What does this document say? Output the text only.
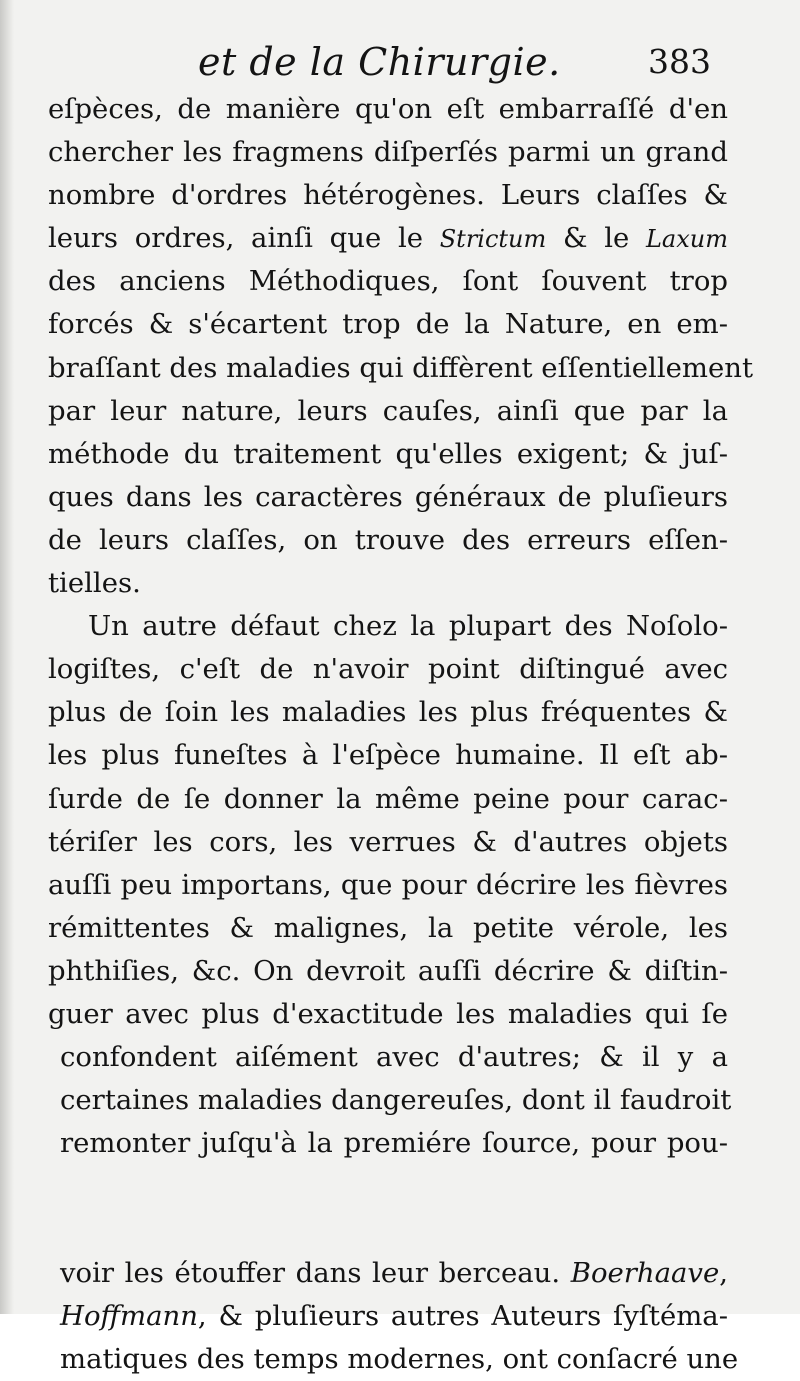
et de la Chirurgie.	383
eſpèces, de manière qu'on eſt embarraſſé d'en
chercher les fragmens diſperſés parmi un grand
nombre d'ordres hétérogènes. Leurs claſſes &
leurs ordres, ainſi que le Strictum & le Laxum
des anciens Méthodiques, ſont ſouvent trop
forcés & s'écartent trop de la Nature, en em-
braſſant des maladies qui diffèrent eſſentiellement
par leur nature, leurs cauſes, ainſi que par la
méthode du traitement qu'elles exigent; & juſ-
ques dans les caractères généraux de pluſieurs
de leurs claſſes, on trouve des erreurs eſſen-
tielles.
Un autre défaut chez la plupart des Noſolo-
logiſtes, c'eſt de n'avoir point diſtingué avec
plus de ſoin les maladies les plus fréquentes &
les plus funeſtes à l'eſpèce humaine. Il eſt ab-
ſurde de ſe donner la même peine pour carac-
tériſer les cors, les verrues & d'autres objets
auſſi peu importans, que pour décrire les fièvres
rémittentes & malignes, la petite vérole, les
phthiſies, &c. On devroit auſſi décrire & diſtin-
guer avec plus d'exactitude les maladies qui ſe
confondent aiſément avec d'autres; & il y a
certaines maladies dangereuſes, dont il faudroit
remonter juſqu'à la premiére ſource, pour pou-
voir les étouffer dans leur berceau. Boerhaave,
Hoffmann, & pluſieurs autres Auteurs ſyſtéma-
matiques des temps modernes, ont conſacré une
